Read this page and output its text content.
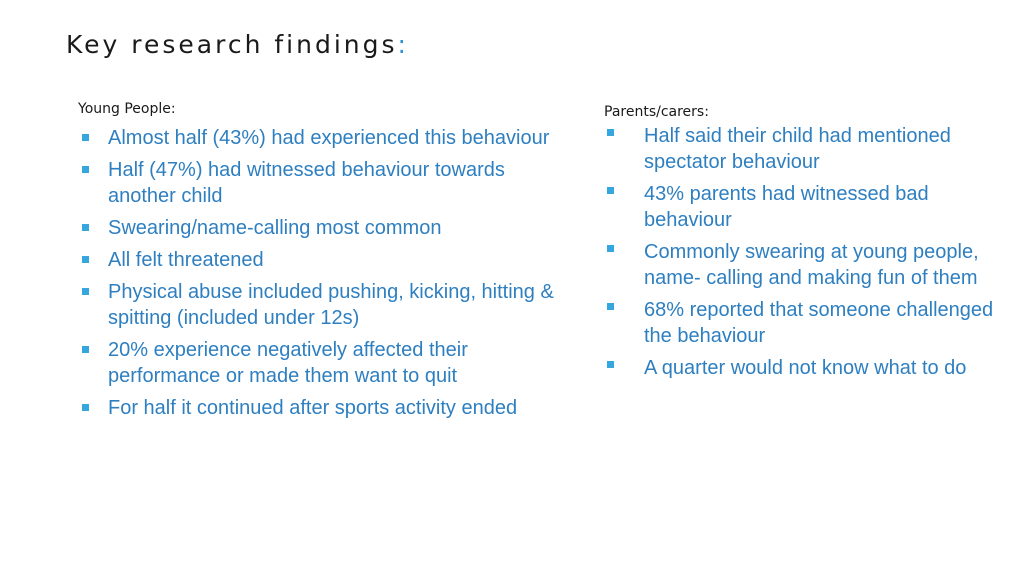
Key research findings:
Young People:
Almost half (43%) had experienced this behaviour
Half (47%) had witnessed behaviour towards another child
Swearing/name-calling most common
All felt threatened
Physical abuse included pushing, kicking, hitting & spitting (included under 12s)
20% experience negatively affected their performance or made them want to quit
For half it continued after sports activity ended
Parents/carers:
Half said their child had mentioned spectator behaviour
43% parents had witnessed bad behaviour
Commonly swearing at young people, name- calling and making fun of them
68% reported that someone challenged the behaviour
A quarter would not know what to do
